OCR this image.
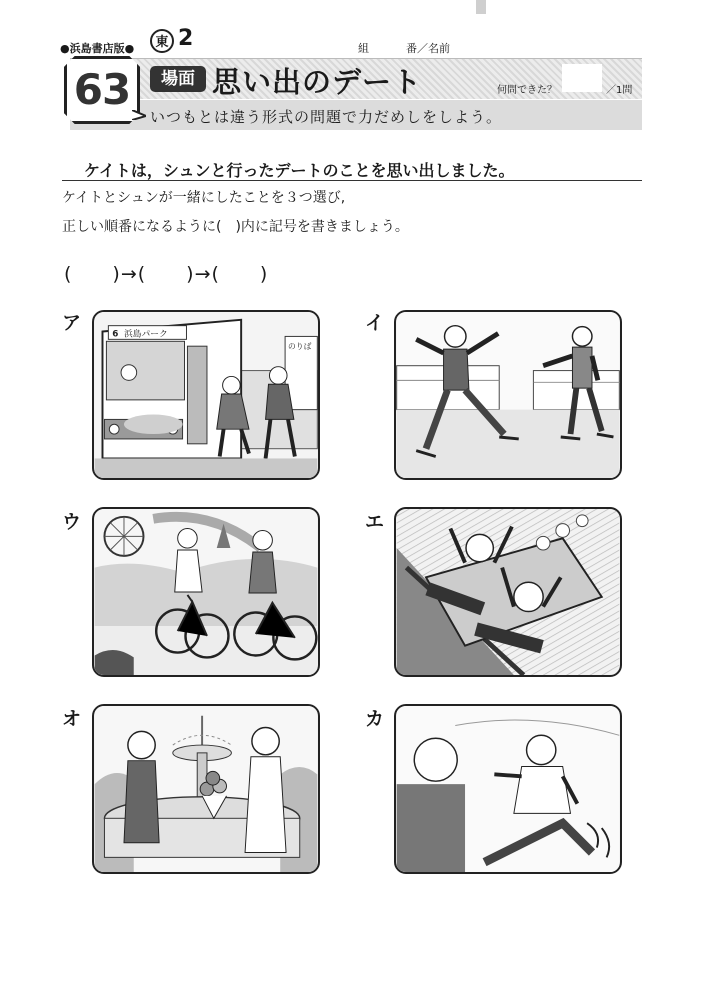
●浜島書店版●	東 2	組	番／名前
63	場面 思い出のデート	何問できた？	／1問
いつもとは違う形式の問題で力だめしをしよう。
ケイトは，シュンと行ったデートのことを思い出しました。
ケイトとシュンが一緒にしたことを３つ選び,
正しい順番になるように(　)内に記号を書きましょう。
(　　)→(　　)→(　　)
ア
のりば
6 浜島パーク
イ
ウ	エ
オ	カ
